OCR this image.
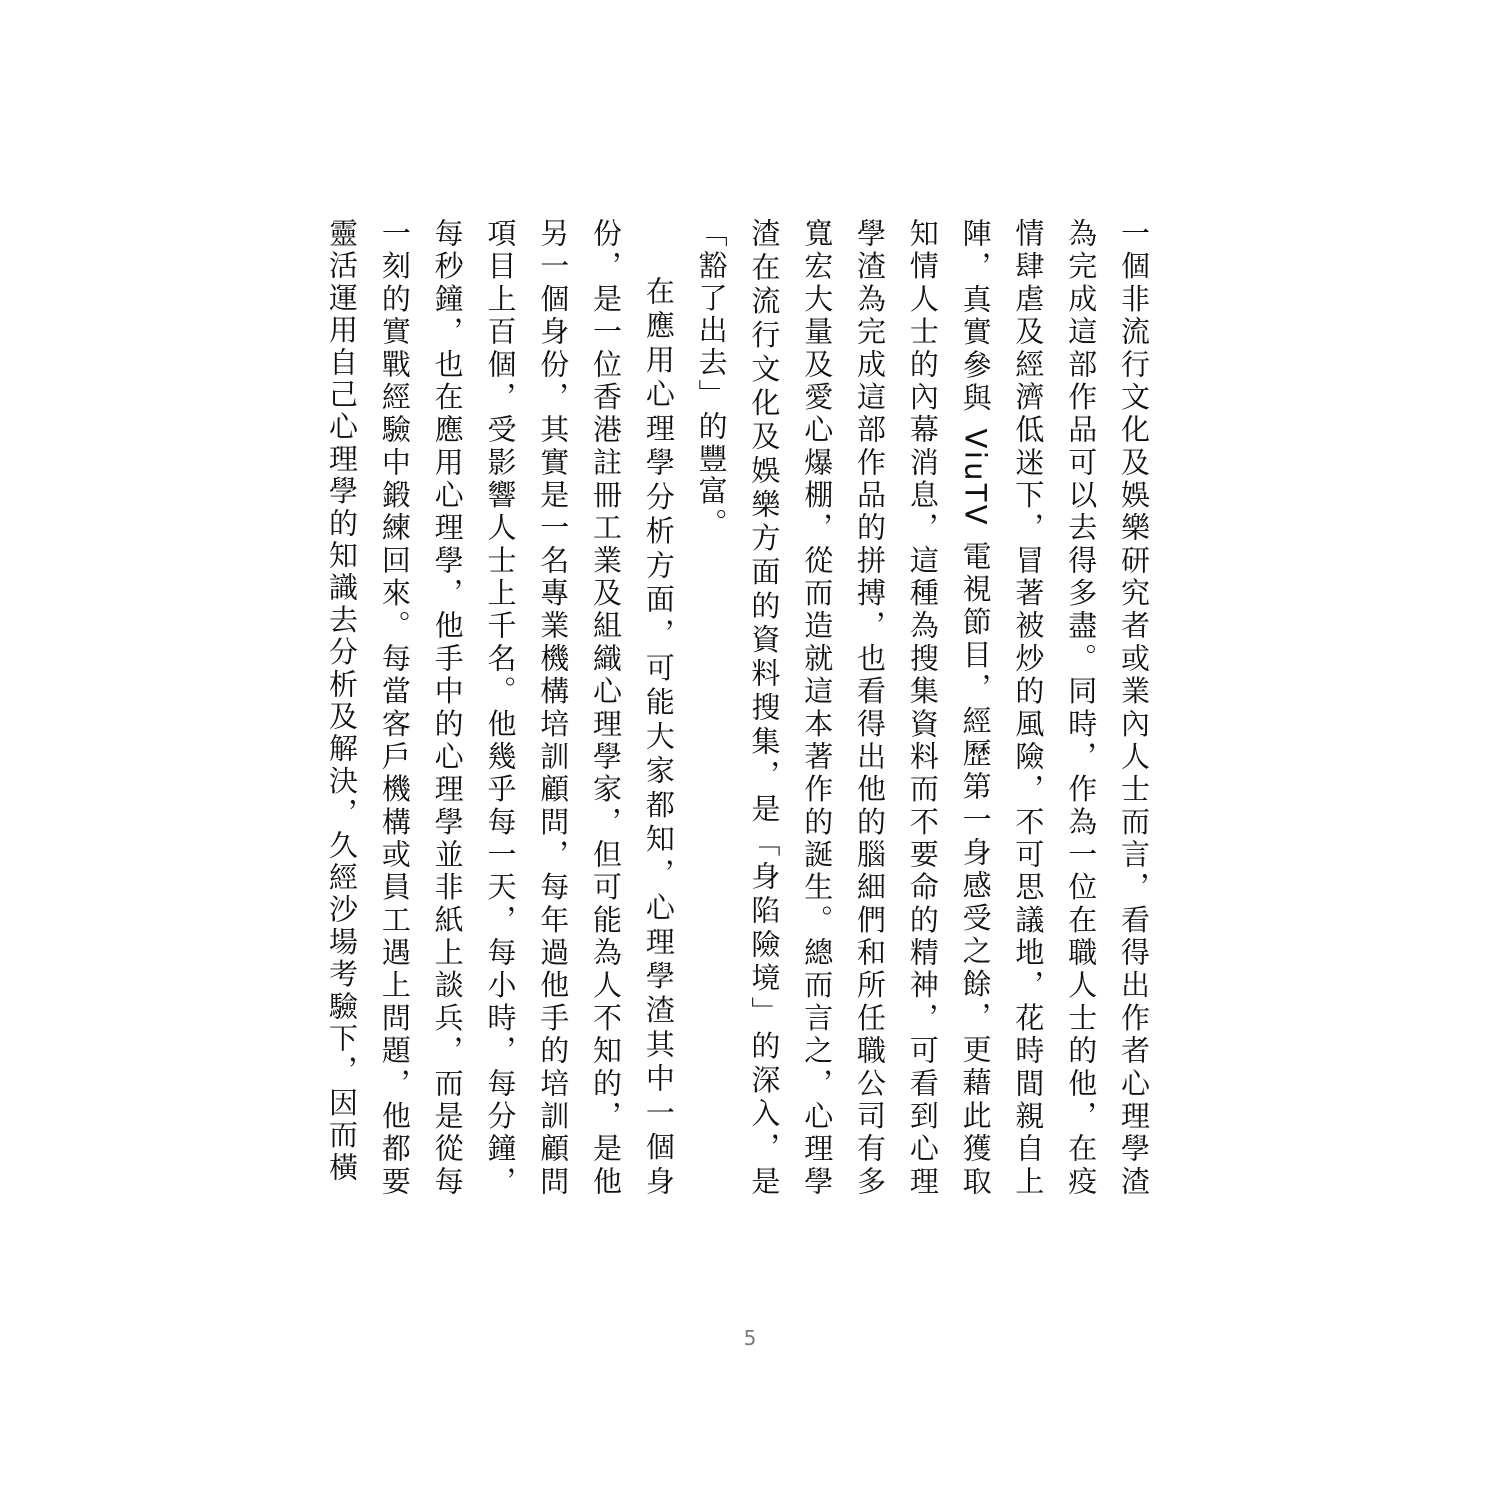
一個非流行文化及娛樂研究者或業內人士而言，看得出作者心理學渣為完成這部作品可以去得多盡。同時，作為一位在職人士的他，在疫情肆虐及經濟低迷下，冒著被炒的風險，不可思議地，花時間親自上陣，真實參與 ViuTV 電視節目，經歷第一身感受之餘，更藉此獲取知情人士的內幕消息，這種為搜集資料而不要命的精神，可看到心理學渣為完成這部作品的拼搏，也看得出他的腦細們和所任職公司有多寬宏大量及愛心爆棚，從而造就這本著作的誕生。總而言之，心理學渣在流行文化及娛樂方面的資料搜集，是「身陷險境」的深入，是「豁了出去」的豐富。

在應用心理學分析方面，可能大家都知，心理學渣其中一個身份，是一位香港註冊工業及組織心理學家，但可能為人不知的，是他另一個身份，其實是一名專業機構培訓顧問，每年過他手的培訓顧問項目上百個，受影響人士上千名。他幾乎每一天，每小時，每分鐘，每秒鐘，也在應用心理學，他手中的心理學並非紙上談兵，而是從每一刻的實戰經驗中鍛練回來。每當客戶機構或員工遇上問題，他都要靈活運用自己心理學的知識去分析及解決，久經沙場考驗下，因而橫

5
